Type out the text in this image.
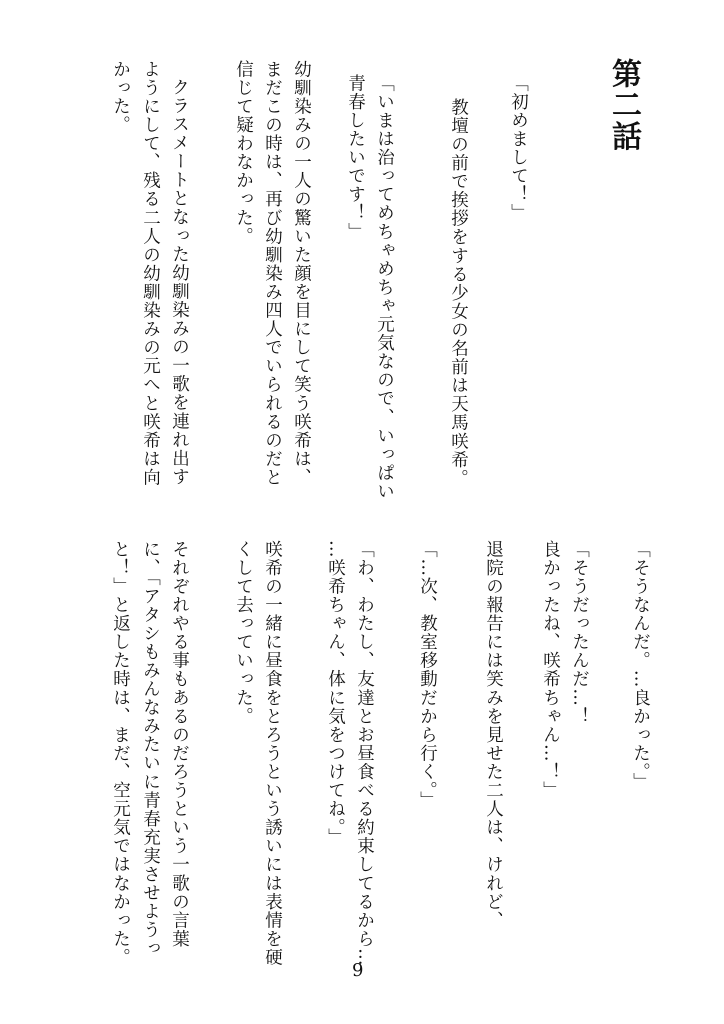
第二話

教壇の前で挨拶をする少女の名前は天馬咲希。 「初めまして！」

「いまは治ってめちゃめちゃ元気なので、いっぱい

青春したいです！」

幼馴染みの一人の驚いた顔を目にして笑う咲希は、

まだこの時は、再び幼馴染み四人でいられるのだと

信じて疑わなかった。

クラスメートとなった幼馴染みの一歌を連れ出す

ようにして、残る二人の幼馴染みの元へと咲希は向

かった。

「そうなんだ。…良かった。」

「そうだったんだ…！

良かったね、咲希ちゃん…！」

退院の報告には笑みを見せた二人は、けれど、

「…次、教室移動だから行く。」

「わ、わたし、友達とお昼食べる約束してるから…

…咲希ちゃん、体に気をつけてね。」

咲希の一緒に昼食をとろうという誘いには表情を硬

くして去っていった。

それぞれやる事もあるのだろうという一歌の言葉

に、「アタシもみんなみたいに青春充実させようっ

と！」と返した時は、まだ、空元気ではなかった。

9
